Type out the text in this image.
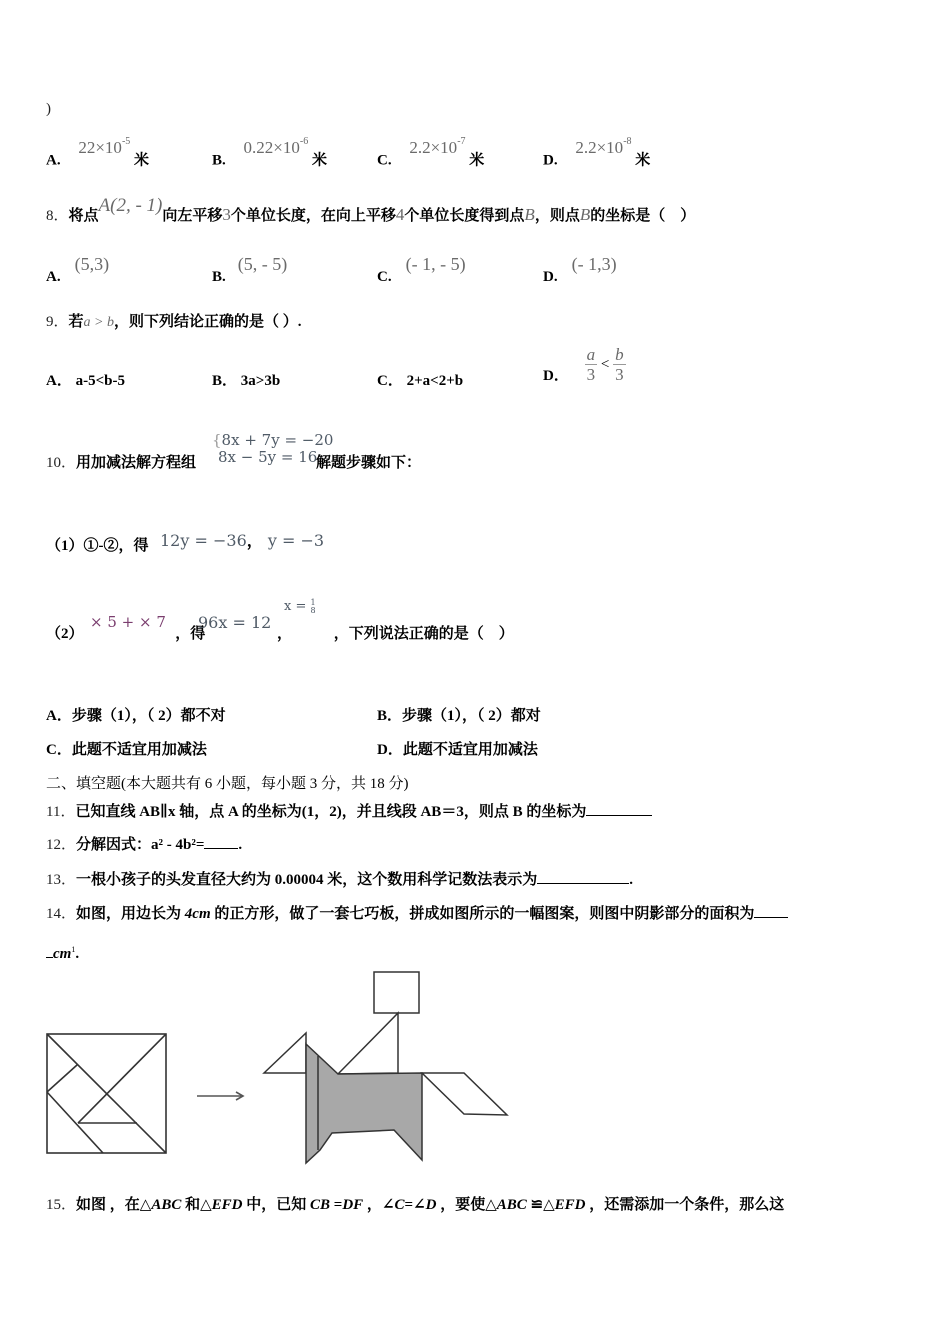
)
A. $22\times 10^{-5}$ 米	B. $0.22\times 10^{-6}$ 米	C. $2.2\times 10^{-7}$ 米	D. $2.2\times 10^{-8}$ 米
8．将点A(2, - 1)向左平移3个单位长度，在向上平移4个单位长度得到点B，则点B的坐标是（　）
A.(5,3)
B.(5, - 5)
C.(- 1, - 5)
D.(- 1,3)
9．若a > b，则下列结论正确的是（ ）.
A． a-5<b-5	B． 3a>3b	C． 2+a<2+b	D． $\frac{a}{3} < \frac{b}{3}$
10．用加减法解方程组	解题步骤如下：
{8x + 7y = −20
8x − 5y = 16
（1）①-②，得 12y = −36， y = −3
（2）	，得	，	，下列说法正确的是（　）
× 5 + × 7 96x = 12
x = 1
8
A．步骤（1），（ 2）都不对	B．步骤（1），（ 2）都对
C．此题不适宜用加减法	D．此题不适宜用加减法
二、填空题(本大题共有 6 小题，每小题 3 分，共 18 分)
11．已知直线 AB∥x 轴，点 A 的坐标为(1，2)，并且线段 AB＝3，则点 B 的坐标为
12．分解因式：a² - 4b²= .
13．一根小孩子的头发直径大约为 0.00004 米，这个数用科学记数法表示为	.
14．如图，用边长为 4cm 的正方形，做了一套七巧板，拼成如图所示的一幅图案，则图中阴影部分的面积为
$cm^1$.
15．如图 ，在△ABC 和△EFD 中，已知 CB =DF ，∠C=∠D ，要使△ABC ≌△EFD ，还需添加一个条件，那么这
